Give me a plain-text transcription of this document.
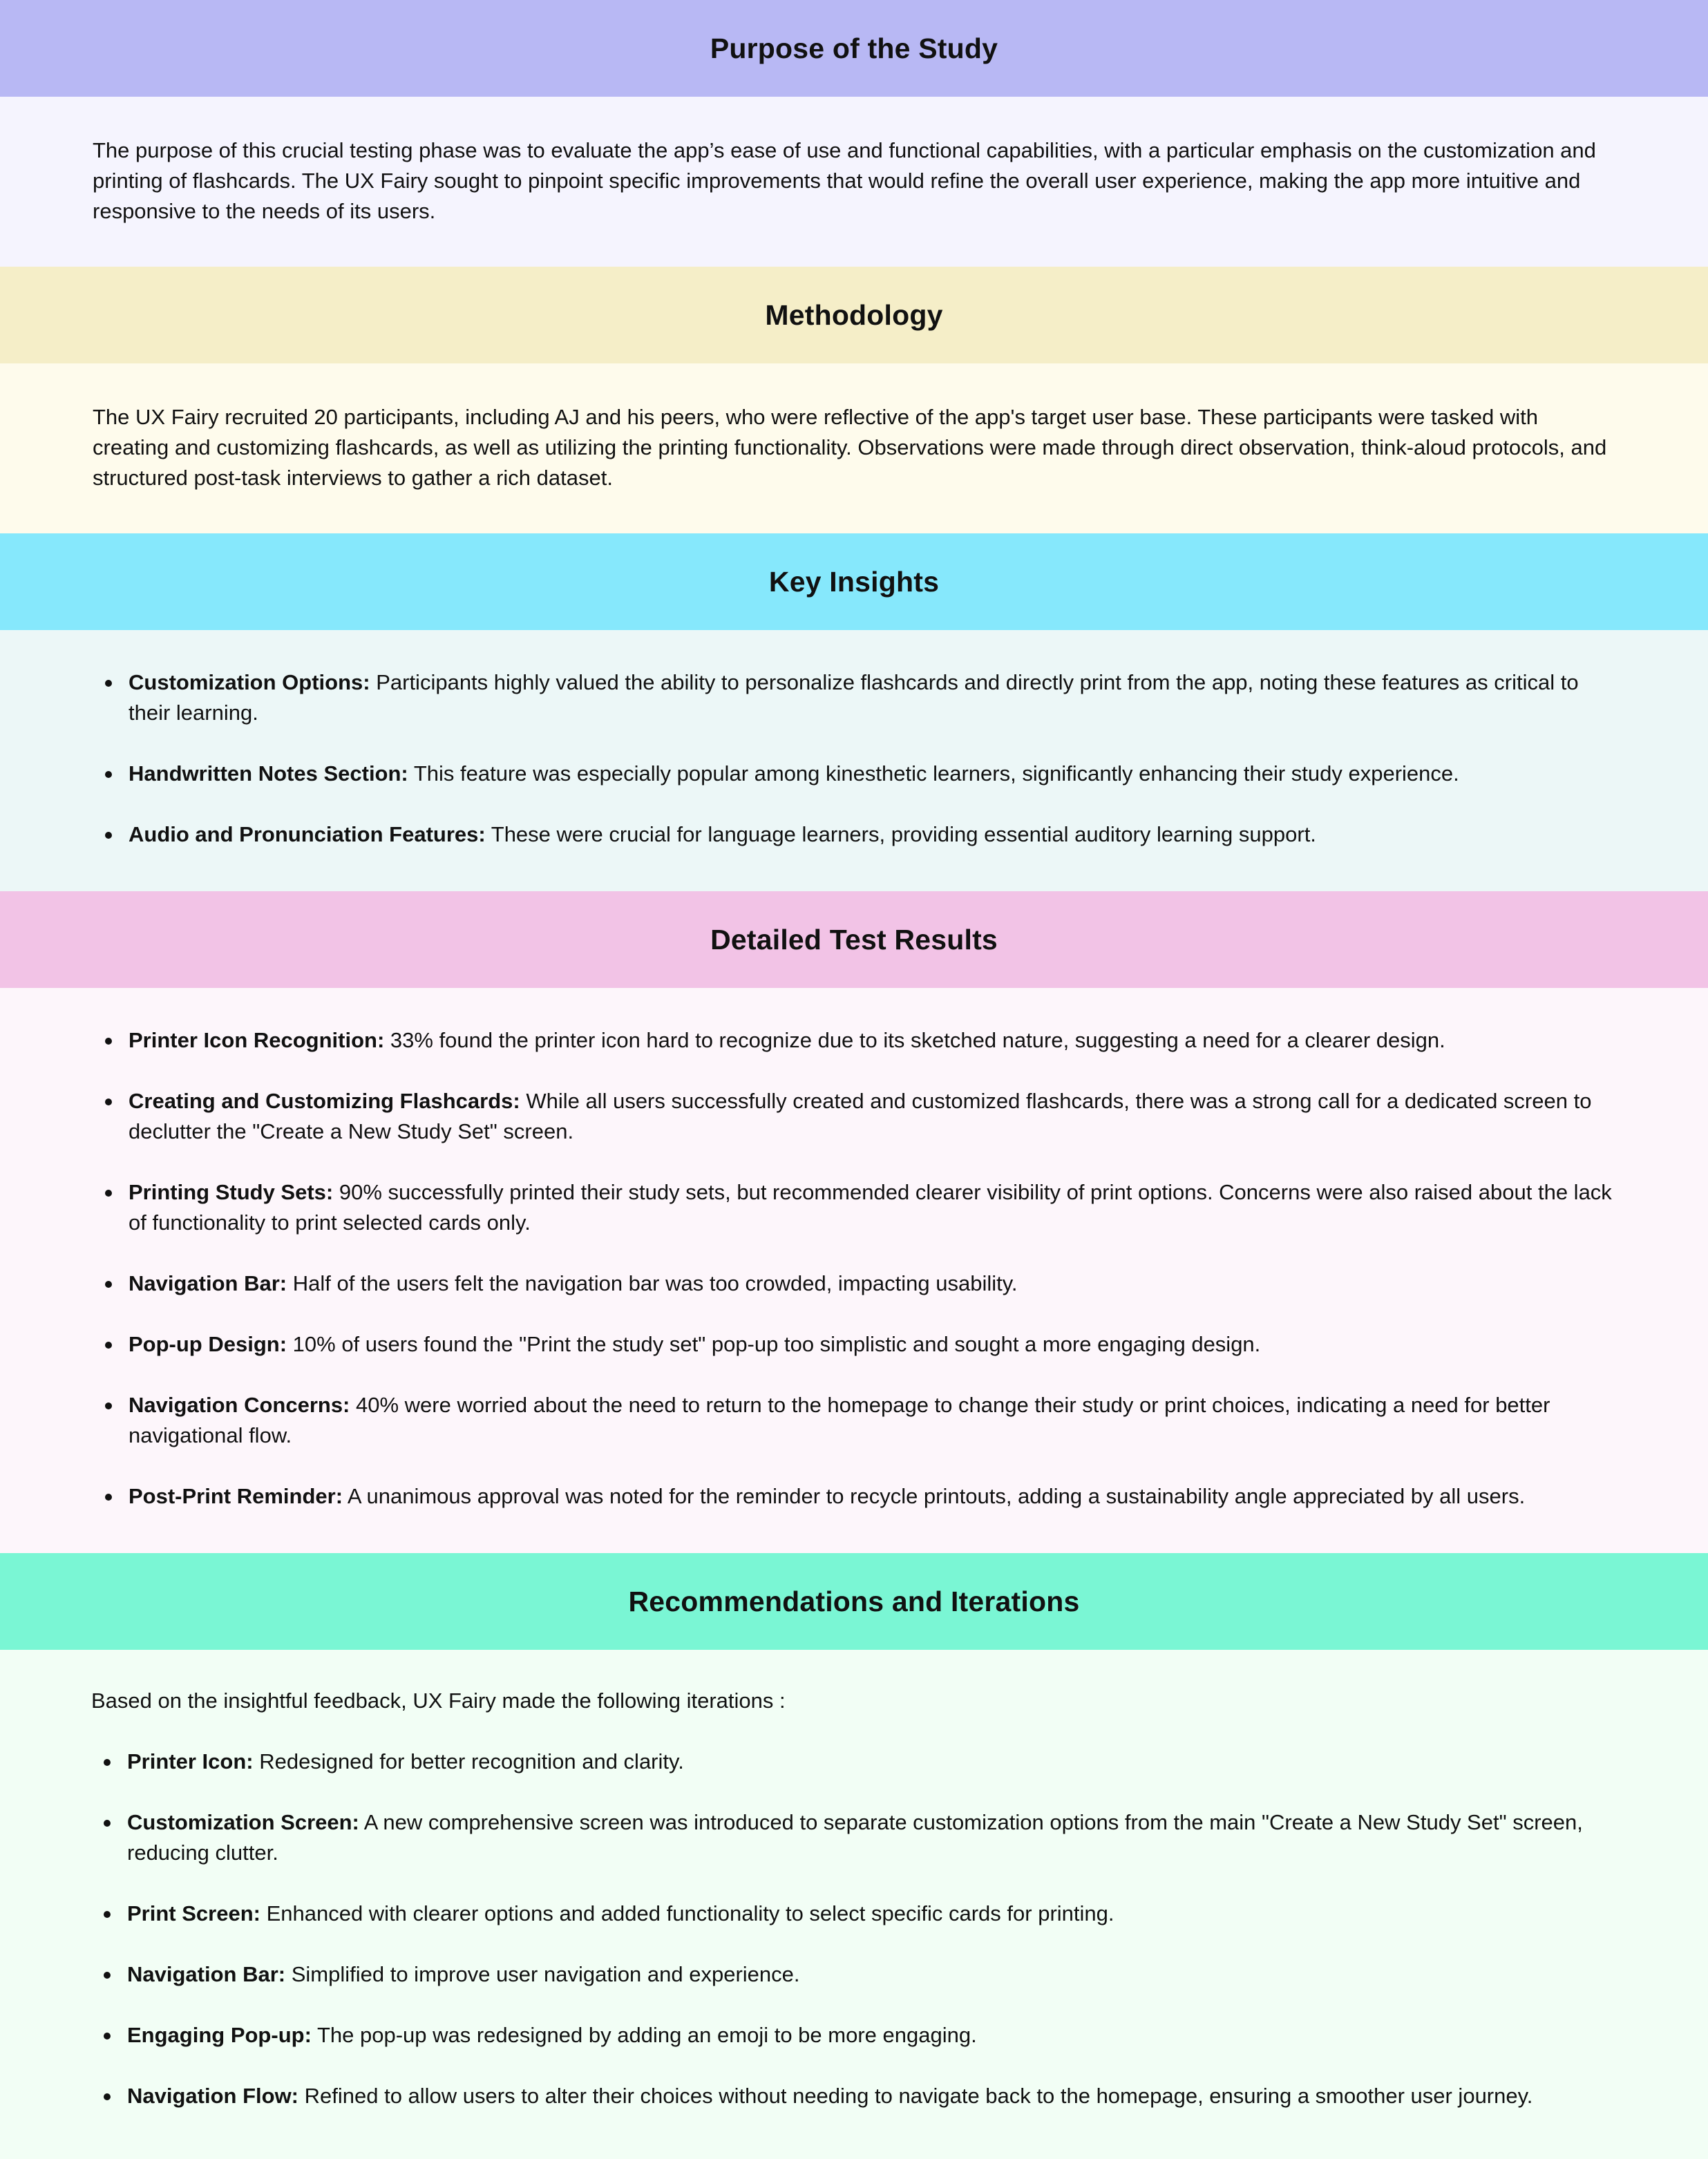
Purpose of the Study

The purpose of this crucial testing phase was to evaluate the app’s ease of use and functional capabilities, with a particular emphasis on the customization and printing of flashcards. The UX Fairy sought to pinpoint specific improvements that would refine the overall user experience, making the app more intuitive and responsive to the needs of its users.

Methodology

The UX Fairy recruited 20 participants, including AJ and his peers, who were reflective of the app's target user base. These participants were tasked with creating and customizing flashcards, as well as utilizing the printing functionality. Observations were made through direct observation, think-aloud protocols, and structured post-task interviews to gather a rich dataset.

Key Insights
Customization Options: Participants highly valued the ability to personalize flashcards and directly print from the app, noting these features as critical to their learning.
Handwritten Notes Section: This feature was especially popular among kinesthetic learners, significantly enhancing their study experience.
Audio and Pronunciation Features: These were crucial for language learners, providing essential auditory learning support.
Detailed Test Results
Printer Icon Recognition: 33% found the printer icon hard to recognize due to its sketched nature, suggesting a need for a clearer design.
Creating and Customizing Flashcards: While all users successfully created and customized flashcards, there was a strong call for a dedicated screen to declutter the "Create a New Study Set" screen.
Printing Study Sets: 90% successfully printed their study sets, but recommended clearer visibility of print options. Concerns were also raised about the lack of functionality to print selected cards only.
Navigation Bar: Half of the users felt the navigation bar was too crowded, impacting usability.
Pop-up Design: 10% of users found the "Print the study set" pop-up too simplistic and sought a more engaging design.
Navigation Concerns: 40% were worried about the need to return to the homepage to change their study or print choices, indicating a need for better navigational flow.
Post-Print Reminder: A unanimous approval was noted for the reminder to recycle printouts, adding a sustainability angle appreciated by all users.
Recommendations and Iterations

Based on the insightful feedback, UX Fairy made the following iterations :

Printer Icon: Redesigned for better recognition and clarity.
Customization Screen: A new comprehensive screen was introduced to separate customization options from the main "Create a New Study Set" screen, reducing clutter.
Print Screen: Enhanced with clearer options and added functionality to select specific cards for printing.
Navigation Bar: Simplified to improve user navigation and experience.
Engaging Pop-up: The pop-up was redesigned by adding an emoji to be more engaging.
Navigation Flow: Refined to allow users to alter their choices without needing to navigate back to the homepage, ensuring a smoother user journey.
